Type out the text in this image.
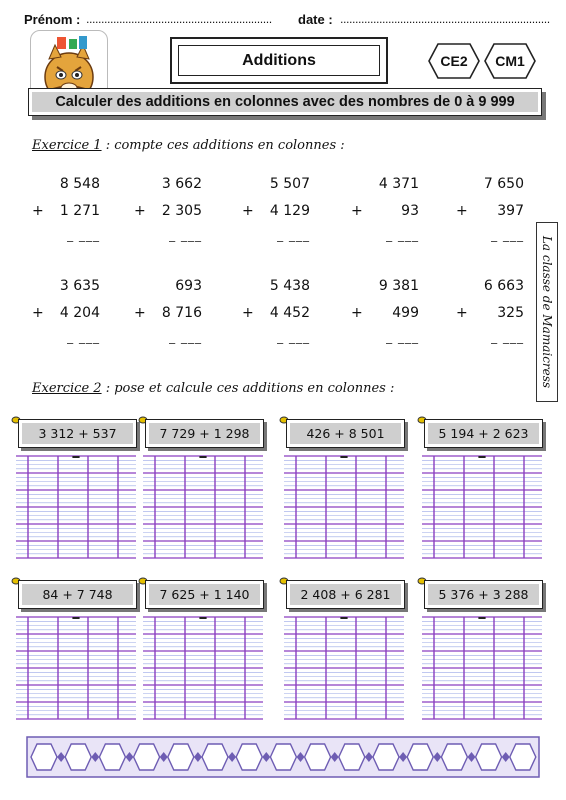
Prénom : .............................................................. date : ......................................................................
Additions	CE2	CM1
Calculer des additions en colonnes avec des nombres de 0 à 9 999
Exercice 1 : compte ces additions en colonnes :
8 548
+	1 271
_ ___
3 662
+	2 305
_ ___
5 507
+	4 129
_ ___
4 371
+	93
_ ___
7 650
+	397
_ ___
3 635
+	4 204
_ ___
693
+	8 716
_ ___
5 438
+	4 452
_ ___
9 381
+	499
_ ___
6 663
+	325
_ ___ La classe de Mamaicress
Exercice 2 : pose et calcule ces additions en colonnes :
3 312 + 537	7 729 + 1 298	426 + 8 501	5 194 + 2 623
84 + 7 748	7 625 + 1 140	2 408 + 6 281	5 376 + 3 288
